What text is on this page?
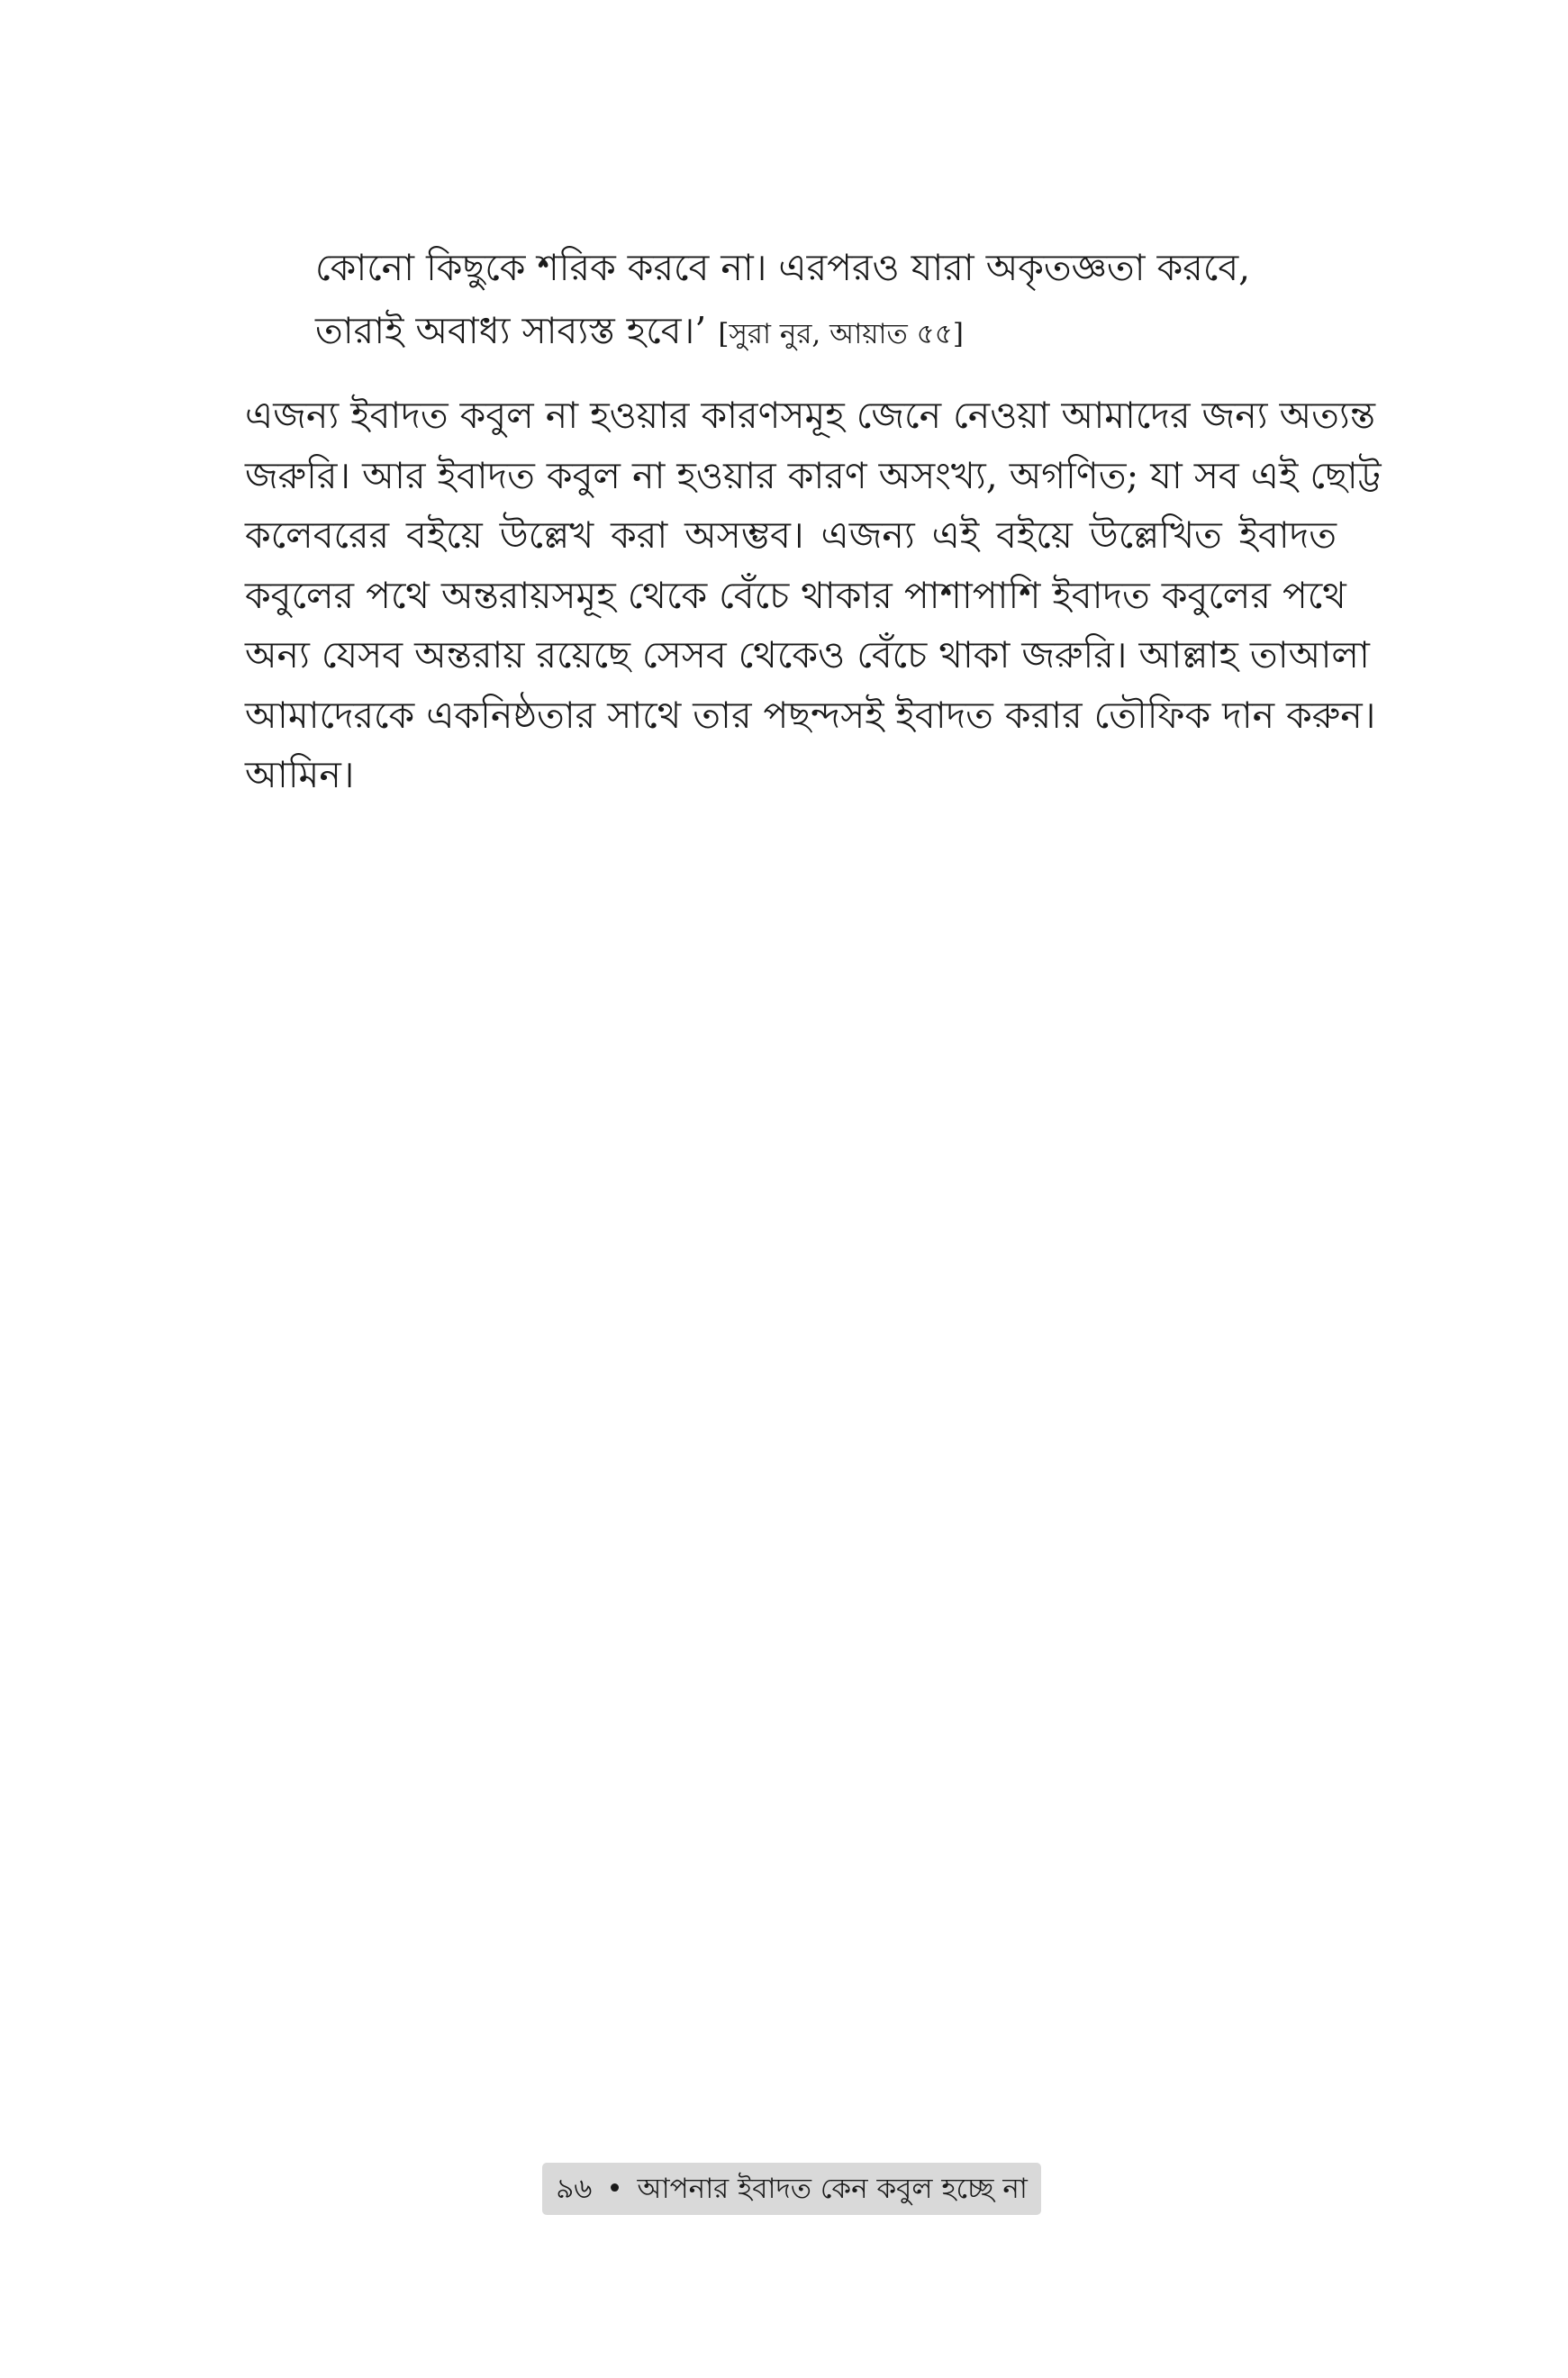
কোনো কিছুকে শরিক করবে না। এরপরও যারা অকৃতজ্ঞতা করবে,
তারাই অবাধ্য সাব্যস্ত হবে।’ [সুরা নুর, আয়াত ৫৫]
এজন্য ইবাদত কবুল না হওয়ার কারণসমূহ জেনে নেওয়া আমাদের জন্য অত্যন্ত
জরুরি। আর ইবাদত কবুল না হওয়ার কারণ অসংখ্য, অগণিত; যা সব এই ছোট্ট
কলেবরের বইয়ে উল্লেখ করা অসম্ভব। এজন্য এই বইয়ে উল্লেখিত ইবাদত
কবুলের পথে অন্তরায়সমূহ থেকে বেঁচে থাকার পাশাপাশি ইবাদত কবুলের পথে
অন্য যেসব অন্তরায় রয়েছে সেসব থেকেও বেঁচে থাকা জরুরি। আল্লাহ তাআলা
আমাদেরকে একনিষ্ঠতার সাথে তার পছন্দসই ইবাদত করার তৌফিক দান করুন।
আমিন।
৯৬ • আপনার ইবাদত কেন কবুল হচ্ছে না
